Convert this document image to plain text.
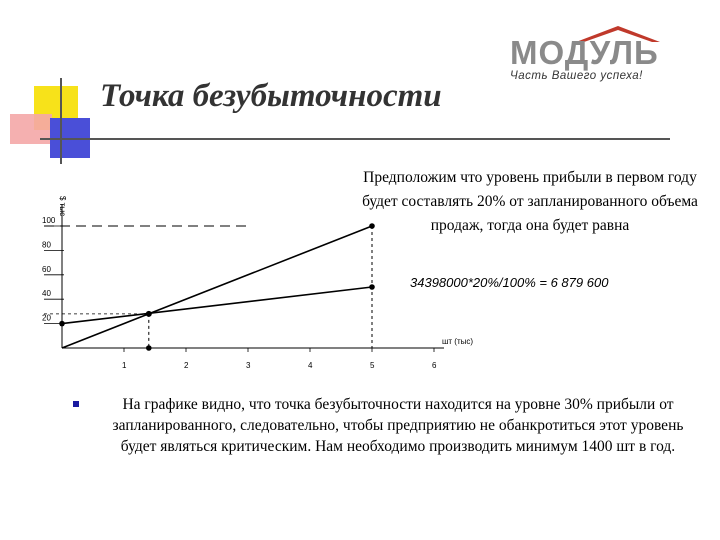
Точка безубыточности
МОДУЛЬ
Часть Вашего успеха!
Предположим что уровень прибыли в первом году будет составлять 20% от запланированного объема продаж, тогда она будет равна
34398000*20%/100% = 6 879 600
На графике видно, что точка безубыточности находится на уровне 30% прибыли от запланированного, следовательно, чтобы предприятию не обанкротиться этот уровень будет являться критическим. Нам необходимо производить минимум 1400 шт в год.
20
40
60
80
100
1	2	3	4	5	6
$ тыс
шт (тыс)
